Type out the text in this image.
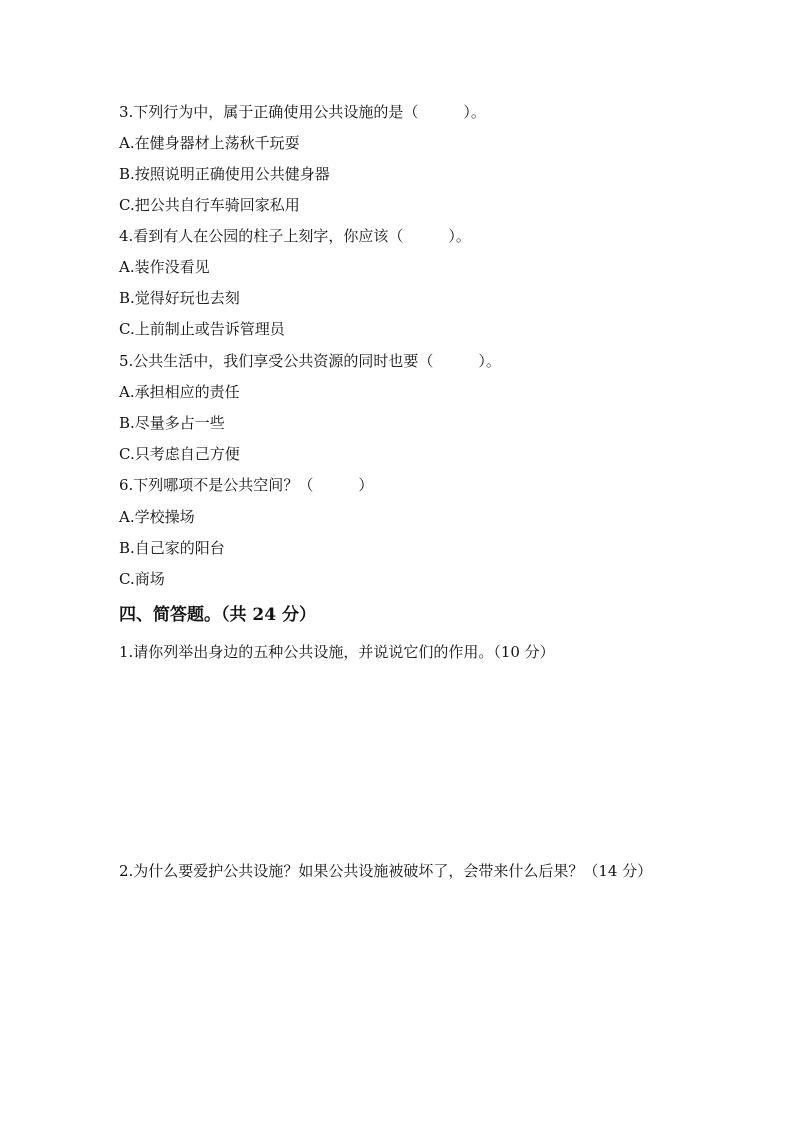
3.下列行为中，属于正确使用公共设施的是（　　　）。
A.在健身器材上荡秋千玩耍
B.按照说明正确使用公共健身器
C.把公共自行车骑回家私用
4.看到有人在公园的柱子上刻字，你应该（　　　）。
A.装作没看见
B.觉得好玩也去刻
C.上前制止或告诉管理员
5.公共生活中，我们享受公共资源的同时也要（　　　）。
A.承担相应的责任
B.尽量多占一些
C.只考虑自己方便
6.下列哪项不是公共空间？（　　　）
A.学校操场
B.自己家的阳台
C.商场
四、简答题。（共 24 分）
1.请你列举出身边的五种公共设施，并说说它们的作用。（10 分）
2.为什么要爱护公共设施？如果公共设施被破坏了，会带来什么后果？（14 分）
